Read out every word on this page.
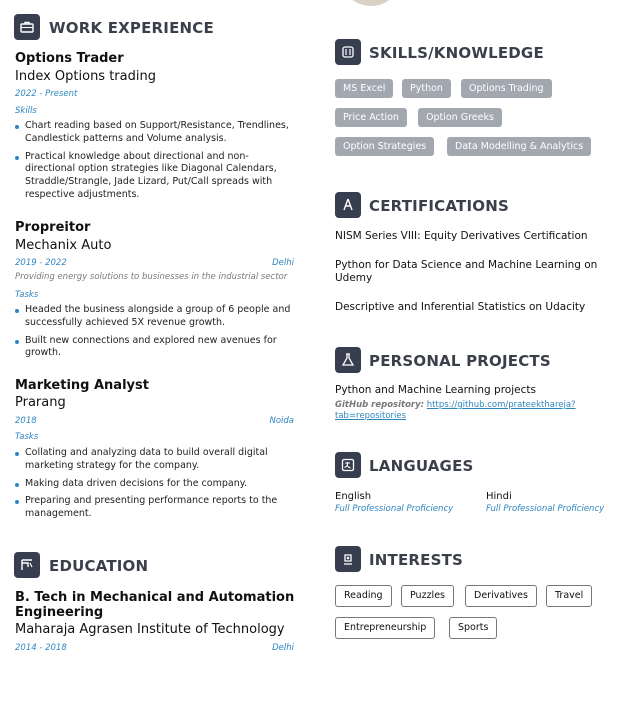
WORK EXPERIENCE
Options Trader
Index Options trading
2022 - Present
Skills
Chart reading based on Support/Resistance, Trendlines, Candlestick patterns and Volume analysis.
Practical knowledge about directional and non-directional option strategies like Diagonal Calendars, Straddle/Strangle, Jade Lizard, Put/Call spreads with respective adjustments.
Propreitor
Mechanix Auto
2019 - 2022	Delhi
Providing energy solutions to businesses in the industrial sector
Tasks
Headed the business alongside a group of 6 people and successfully achieved 5X revenue growth.
Built new connections and explored new avenues for growth.
Marketing Analyst
Prarang
2018	Noida
Tasks
Collating and analyzing data to build overall digital marketing strategy for the company.
Making data driven decisions for the company.
Preparing and presenting performance reports to the management.
EDUCATION
B. Tech in Mechanical and Automation Engineering
Maharaja Agrasen Institute of Technology
2014 - 2018	Delhi
SKILLS/KNOWLEDGE
MS Excel	Python	Options Trading
Price Action	Option Greeks
Option Strategies	Data Modelling & Analytics
CERTIFICATIONS
NISM Series VIII: Equity Derivatives Certification
Python for Data Science and Machine Learning on Udemy
Descriptive and Inferential Statistics on Udacity
PERSONAL PROJECTS
Python and Machine Learning projects
GitHub repository: https://github.com/prateekthareja?
tab=repositories
LANGUAGES
English
Full Professional Proficiency
Hindi
Full Professional Proficiency
INTERESTS
Reading	Puzzles	Derivatives	Travel
Entrepreneurship	Sports
